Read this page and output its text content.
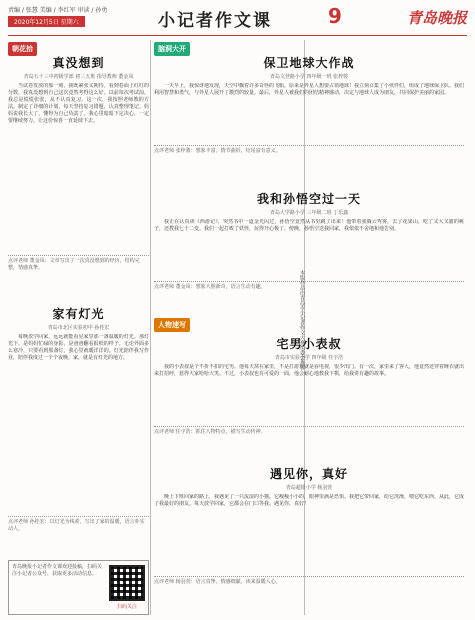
责编 / 张慧 美编 / 李红军 审读 / 孙勇
2020年12月5日 星期六	小记者作文课	9	青岛晚报
朝花拾
真没想到
青岛五十三中初级学部 初三五班 指导教师 董金凤
当试卷发放的那一刻，我既紧张又期待。看到卷面上红红的分数，我真没想到自己这次竟然考得这么好。以前每次考试前，我总是慌慌张张，从不认真复习。这一次，我按照老师教的方法，制定了详细的计划，每天坚持复习错题，认真整理笔记。妈妈说我长大了，懂得为自己负责了。我心里暗暗下定决心，一定要继续努力，让这份惊喜一直延续下去。
点评老师 董金凤：文章写出了一次真没想到的经历，结构完整，情感真挚。
家有灯光
青岛市北区实验初中 孙桂宏
每晚放学回家，远远就能看见家里那一盏温暖的灯光。那灯光下，是妈妈忙碌的身影，是爸爸翻看报纸的样子。无论外面多么寒冷，只要看到那盏灯，我心里就暖洋洋的。灯光陪伴我写作业，陪伴我度过一个个夜晚。家，就是有灯光的地方。
点评老师 孙桂宏：以灯光为线索，写出了家的温暖，语言朴实动人。
脑洞大开
保卫地球大作战
青岛文登路小学 四年级一班 张梓骏
一天早上，我惊讶地发现，天空中飘着许多奇怪的飞船。原来是外星人想要占领地球！我立刻召集了小伙伴们，组成了地球保卫队。我们利用智慧和勇气，与外星人展开了激烈的较量。最后，外星人被我们的团结精神感动，决定与地球人成为朋友，共同保护美丽的家园。
点评老师 张梓骏：想象丰富，情节曲折，结尾富有意义。
我和孙悟空过一天
青岛大学路小学 三年级二班 丁乐鑫
我正在认真读《西游记》，突然书中一道金光闪过，孙悟空竟然从书里跳了出来！他带着我腾云驾雾，去了花果山，吃了又大又甜的桃子，还教我七十二变。我们一起打败了妖怪，玩得开心极了。傍晚，孙悟空送我回家，我依依不舍地和他告别。
点评老师 董金凤：想象大胆新奇，语言生动有趣。
人物速写
宅男小表叔
青岛市实验小学 四年级 任宇浩
我的小表叔是个不折不扣的宅男。他每天窝在家里，不是打游戏就是看电视，很少出门。有一次，家里来了客人，他竟然还穿着睡衣就出来打招呼，惹得大家哈哈大笑。不过，小表叔也有可爱的一面，他会耐心地教我下棋，给我讲有趣的故事。
点评老师 任宇浩：抓住人物特点，描写生动传神。
遇见你，真好
青岛超银小学 杨羽萱
晚上下班回家的路上，我遇见了一只流浪的小猫。它瘦瘦小小的，眼神里满是恐惧。我把它带回家，给它洗澡，喂它吃东西。从此，它成了我最好的朋友。每天放学回家，它都会在门口等我。遇见你，真好！
点评老师 杨羽萱：语言真挚，情感细腻，读来温暖人心。
本版作品由青岛市小记者作文大赛组委会推荐
青岛晚报小记者作文课欢迎投稿，扫码关注小记者公众号，获取更多活动信息。
扫码关注
